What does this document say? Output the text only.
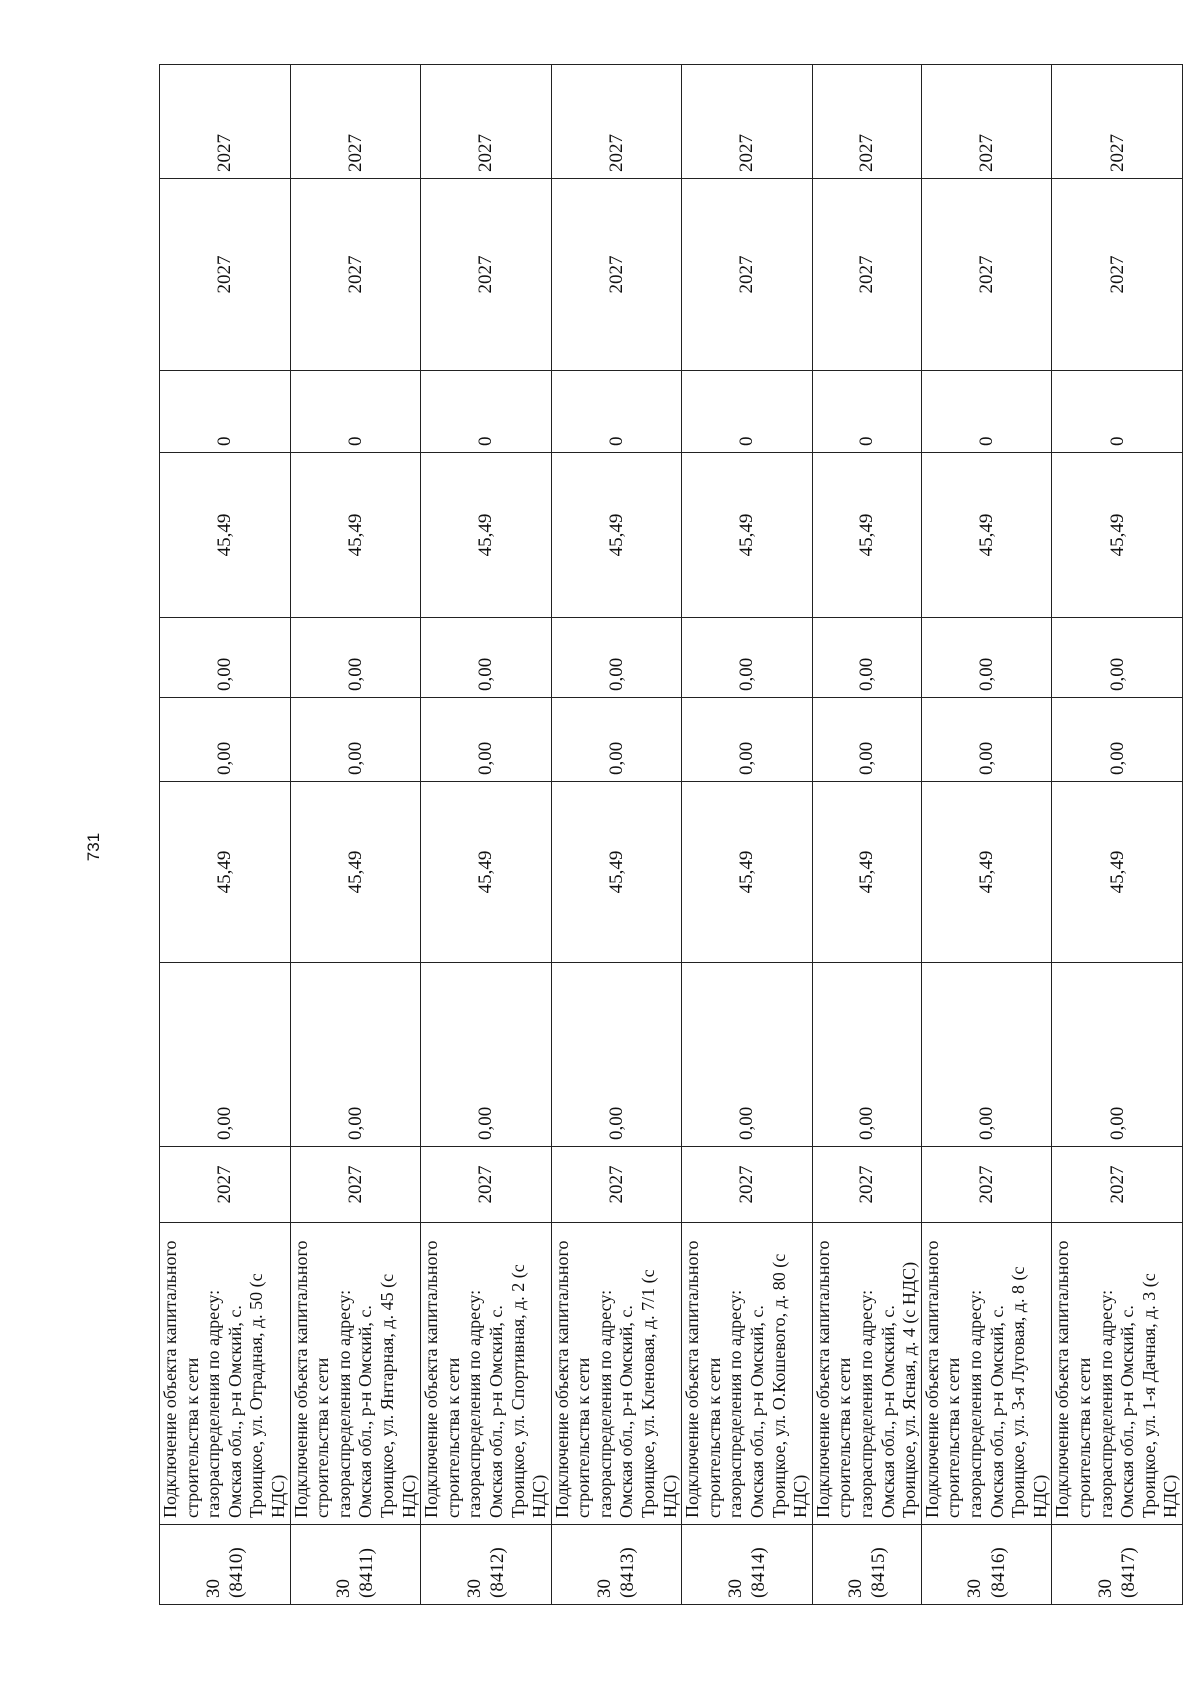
731
30 (8410)	Подключение объекта капитального строительства к сети газораспределения по адресу: Омская обл., р-н Омский, с. Троицкое, ул. Отрадная, д. 50 (с НДС)	2027	0,00	45,49	0,00	0,00	45,49	0	2027	2027

30 (8411)	Подключение объекта капитального строительства к сети газораспределения по адресу: Омская обл., р-н Омский, с. Троицкое, ул. Янтарная, д. 45 (с НДС)	2027	0,00	45,49	0,00	0,00	45,49	0	2027	2027

30 (8412)	Подключение объекта капитального строительства к сети газораспределения по адресу: Омская обл., р-н Омский, с. Троицкое, ул. Спортивная, д. 2 (с НДС)	2027	0,00	45,49	0,00	0,00	45,49	0	2027	2027

30 (8413)	Подключение объекта капитального строительства к сети газораспределения по адресу: Омская обл., р-н Омский, с. Троицкое, ул. Кленовая, д. 7/1 (с НДС)	2027	0,00	45,49	0,00	0,00	45,49	0	2027	2027

30 (8414)	Подключение объекта капитального строительства к сети газораспределения по адресу: Омская обл., р-н Омский, с. Троицкое, ул. О.Кошевого, д. 80 (с НДС)	2027	0,00	45,49	0,00	0,00	45,49	0	2027	2027

30 (8415)	Подключение объекта капитального строительства к сети газораспределения по адресу: Омская обл., р-н Омский, с. Троицкое, ул. Ясная, д. 4 (с НДС)	2027	0,00	45,49	0,00	0,00	45,49	0	2027	2027

30 (8416)	Подключение объекта капитального строительства к сети газораспределения по адресу: Омская обл., р-н Омский, с. Троицкое, ул. 3-я Луговая, д. 8 (с НДС)	2027	0,00	45,49	0,00	0,00	45,49	0	2027	2027

30 (8417)	Подключение объекта капитального строительства к сети газораспределения по адресу: Омская обл., р-н Омский, с. Троицкое, ул. 1-я Дачная, д. 3 (с НДС)	2027	0,00	45,49	0,00	0,00	45,49	0	2027	2027
